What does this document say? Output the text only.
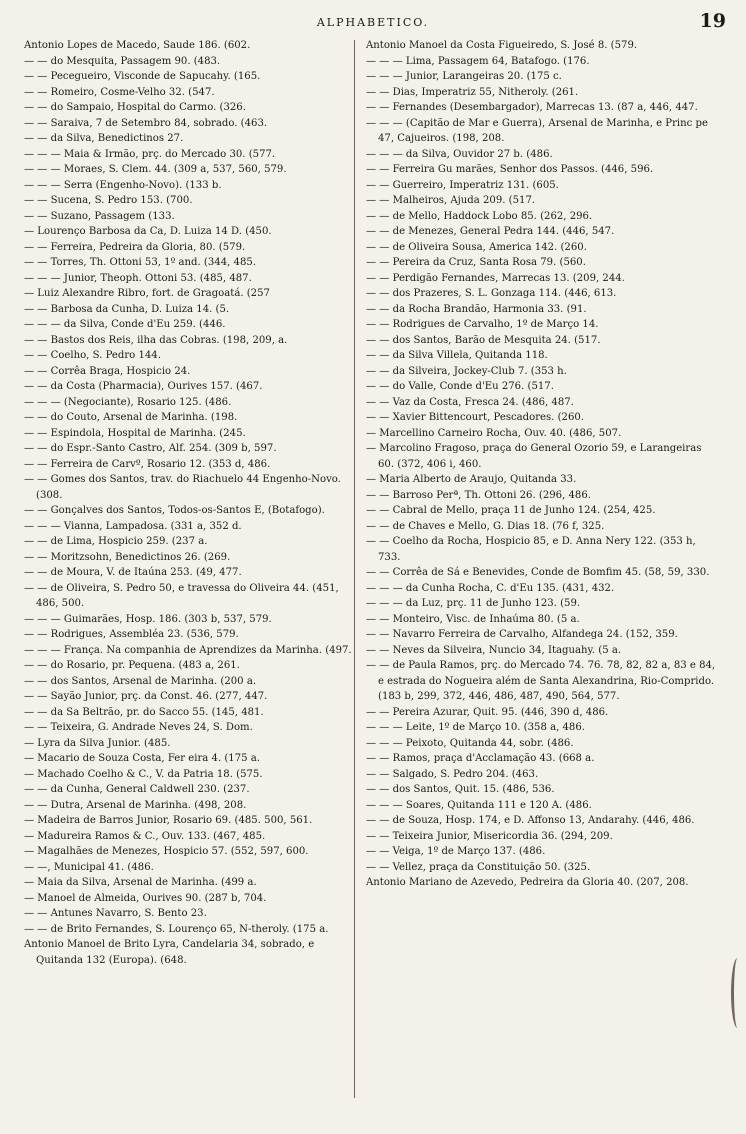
ALPHABETICO.	19

Antonio Lopes de Macedo, Saude 186. (602.

— — do Mesquita, Passagem 90. (483.

— — Pecegueiro, Visconde de Sapucahy. (165.

— — Romeiro, Cosme-Velho 32. (547.

— — do Sampaio, Hospital do Carmo. (326.

— — Saraiva, 7 de Setembro 84, sobrado. (463.

— — da Silva, Benedictinos 27.

— — — Maia & Irmão, prç. do Mercado 30. (577.

— — — Moraes, S. Clem. 44. (309 a, 537, 560, 579.

— — — Serra (Engenho-Novo). (133 b.

— — Sucena, S. Pedro 153. (700.

— — Suzano, Passagem (133.

— Lourenço Barbosa da Ca, D. Luiza 14 D. (450.

— — Ferreira, Pedreira da Gloria, 80. (579.

— — Torres, Th. Ottoni 53, 1º and. (344, 485.

— — — Junior, Theoph. Ottoni 53. (485, 487.

— Luiz Alexandre Ribro, fort. de Gragoatá. (257

— — Barbosa da Cunha, D. Luiza 14. (5.

— — — da Silva, Conde d'Eu 259. (446.

— — Bastos dos Reis, ilha das Cobras. (198, 209, a.

— — Coelho, S. Pedro 144.

— — Corrêa Braga, Hospicio 24.

— — da Costa (Pharmacia), Ourives 157. (467.

— — — (Negociante), Rosario 125. (486.

— — do Couto, Arsenal de Marinha. (198.

— — Espindola, Hospital de Marinha. (245.

— — do Espr.-Santo Castro, Alf. 254. (309 b, 597.

— — Ferreira de Carvº, Rosario 12. (353 d, 486.

— — Gomes dos Santos, trav. do Riachuelo 44 Engenho-Novo. (308.

— — Gonçalves dos Santos, Todos-os-Santos E, (Botafogo).

— — — Vianna, Lampadosa. (331 a, 352 d.

— — de Lima, Hospicio 259. (237 a.

— — Moritzsohn, Benedictinos 26. (269.

— — de Moura, V. de Itaúna 253. (49, 477.

— — de Oliveira, S. Pedro 50, e travessa do Oliveira 44. (451, 486, 500.

— — — Guimarães, Hosp. 186. (303 b, 537, 579.

— — Rodrigues, Assembléa 23. (536, 579.

— — — França. Na companhia de Aprendizes da Marinha. (497.

— — do Rosario, pr. Pequena. (483 a, 261.

— — dos Santos, Arsenal de Marinha. (200 a.

— — Sayão Junior, prç. da Const. 46. (277, 447.

— — da Sa Beltrão, pr. do Sacco 55. (145, 481.

— — Teixeira, G. Andrade Neves 24, S. Dom.

— Lyra da Silva Junior. (485.

— Macario de Souza Costa, Fer eira 4. (175 a.

— Machado Coelho & C., V. da Patria 18. (575.

— — da Cunha, General Caldwell 230. (237.

— — Dutra, Arsenal de Marinha. (498, 208.

— Madeira de Barros Junior, Rosario 69. (485. 500, 561.

— Madureira Ramos & C., Ouv. 133. (467, 485.

— Magalhães de Menezes, Hospicio 57. (552, 597, 600.

— —, Municipal 41. (486.

— Maia da Silva, Arsenal de Marinha. (499 a.

— Manoel de Almeida, Ourives 90. (287 b, 704.

— — Antunes Navarro, S. Bento 23.

— — de Brito Fernandes, S. Lourenço 65, N-theroly. (175 a.

Antonio Manoel de Brito Lyra, Candelaria 34, sobrado, e Quitanda 132 (Europa). (648.

Antonio Manoel da Costa Figueiredo, S. José 8. (579.

— — — Lima, Passagem 64, Batafogo. (176.

— — — Junior, Larangeiras 20. (175 c.

— — Dias, Imperatriz 55, Nitheroly. (261.

— — Fernandes (Desembargador), Marrecas 13. (87 a, 446, 447.

— — — (Capitão de Mar e Guerra), Arsenal de Marinha, e Princ pe 47, Cajueiros. (198, 208.

— — — da Silva, Ouvidor 27 b. (486.

— — Ferreira Gu marães, Senhor dos Passos. (446, 596.

— — Guerreiro, Imperatriz 131. (605.

— — Malheiros, Ajuda 209. (517.

— — de Mello, Haddock Lobo 85. (262, 296.

— — de Menezes, General Pedra 144. (446, 547.

— — de Oliveira Sousa, America 142. (260.

— — Pereira da Cruz, Santa Rosa 79. (560.

— — Perdigão Fernandes, Marrecas 13. (209, 244.

— — dos Prazeres, S. L. Gonzaga 114. (446, 613.

— — da Rocha Brandão, Harmonia 33. (91.

— — Rodrigues de Carvalho, 1º de Março 14.

— — dos Santos, Barão de Mesquita 24. (517.

— — da Silva Villela, Quitanda 118.

— — da Silveira, Jockey-Club 7. (353 h.

— — do Valle, Conde d'Eu 276. (517.

— — Vaz da Costa, Fresca 24. (486, 487.

— — Xavier Bittencourt, Pescadores. (260.

— Marcellino Carneiro Rocha, Ouv. 40. (486, 507.

— Marcolino Fragoso, praça do General Ozorio 59, e Larangeiras 60. (372, 406 i, 460.

— Maria Alberto de Araujo, Quitanda 33.

— — Barroso Perª, Th. Ottoni 26. (296, 486.

— — Cabral de Mello, praça 11 de Junho 124. (254, 425.

— — de Chaves e Mello, G. Dias 18. (76 f, 325.

— — Coelho da Rocha, Hospicio 85, e D. Anna Nery 122. (353 h, 733.

— — Corrêa de Sá e Benevides, Conde de Bomfim 45. (58, 59, 330.

— — — da Cunha Rocha, C. d'Eu 135. (431, 432.

— — — da Luz, prç. 11 de Junho 123. (59.

— — Monteiro, Visc. de Inhaúma 80. (5 a.

— — Navarro Ferreira de Carvalho, Alfandega 24. (152, 359.

— — Neves da Silveira, Nuncio 34, Itaguahy. (5 a.

— — de Paula Ramos, prç. do Mercado 74. 76. 78, 82, 82 a, 83 e 84, e estrada do Nogueira além de Santa Alexandrina, Rio-Comprido. (183 b, 299, 372, 446, 486, 487, 490, 564, 577.

— — Pereira Azurar, Quit. 95. (446, 390 d, 486.

— — — Leite, 1º de Março 10. (358 a, 486.

— — — Peixoto, Quitanda 44, sobr. (486.

— — Ramos, praça d'Acclamação 43. (668 a.

— — Salgado, S. Pedro 204. (463.

— — dos Santos, Quit. 15. (486, 536.

— — — Soares, Quitanda 111 e 120 A. (486.

— — de Souza, Hosp. 174, e D. Affonso 13, Andarahy. (446, 486.

— — Teixeira Junior, Misericordia 36. (294, 209.

— — Veiga, 1º de Março 137. (486.

— — Vellez, praça da Constituição 50. (325.

Antonio Mariano de Azevedo, Pedreira da Gloria 40. (207, 208.
